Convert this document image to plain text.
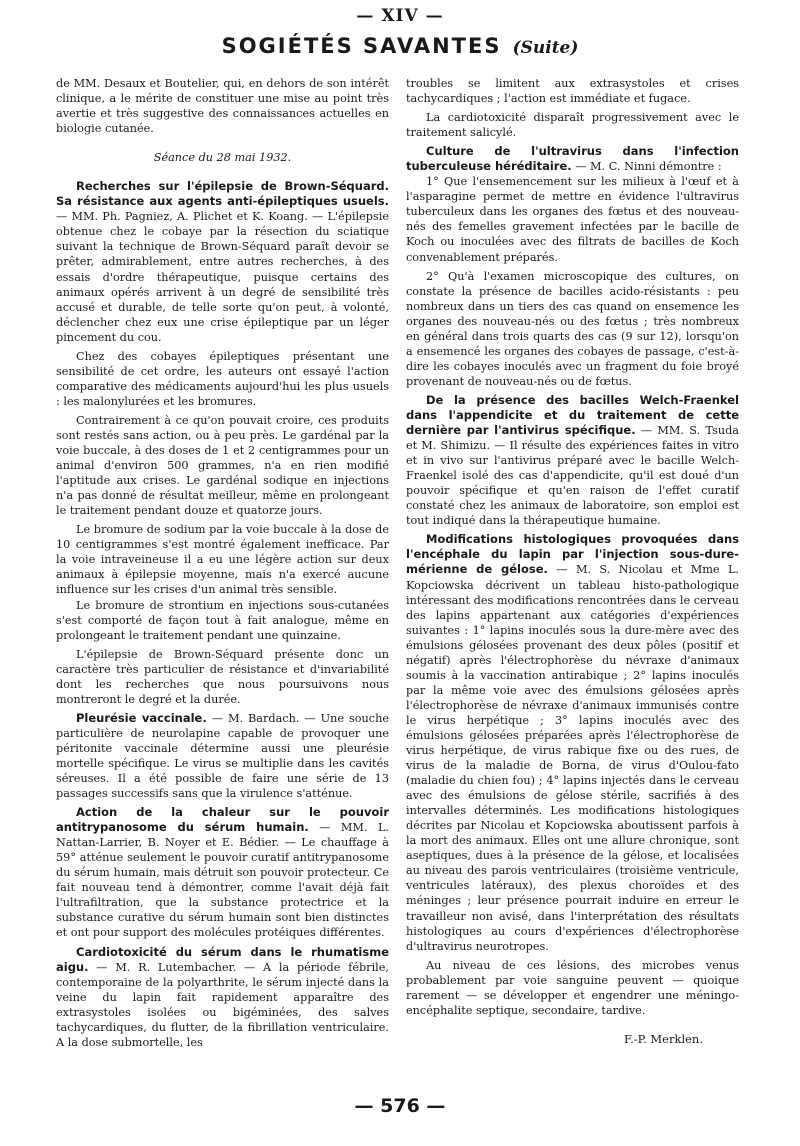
— XIV —
SOGIÉTÉS SAVANTES (Suite)

de MM. Desaux et Boutelier, qui, en dehors de son intérêt clinique, a le mérite de constituer une mise au point très avertie et très suggestive des connaissances actuelles en biologie cutanée.

Séance du 28 mai 1932.

Recherches sur l'épilepsie de Brown-Séquard. Sa résistance aux agents anti-épileptiques usuels. — MM. Ph. Pagniez, A. Plichet et K. Koang. — L'épilepsie obtenue chez le cobaye par la résection du sciatique suivant la technique de Brown-Séquard paraît devoir se prêter, admirablement, entre autres recherches, à des essais d'ordre thérapeutique, puisque certains des animaux opérés arrivent à un degré de sensibilité très accusé et durable, de telle sorte qu'on peut, à volonté, déclencher chez eux une crise épileptique par un léger pincement du cou.

Chez des cobayes épileptiques présentant une sensibilité de cet ordre, les auteurs ont essayé l'action comparative des médicaments aujourd'hui les plus usuels : les malonylurées et les bromures.

Contrairement à ce qu'on pouvait croire, ces produits sont restés sans action, ou à peu près. Le gardénal par la voie buccale, à des doses de 1 et 2 centigrammes pour un animal d'environ 500 grammes, n'a en rien modifié l'aptitude aux crises. Le gardénal sodique en injections n'a pas donné de résultat meilleur, même en prolongeant le traitement pendant douze et quatorze jours.

Le bromure de sodium par la voie buccale à la dose de 10 centigrammes s'est montré également inefficace. Par la voie intraveineuse il a eu une légère action sur deux animaux à épilepsie moyenne, mais n'a exercé aucune influence sur les crises d'un animal très sensible.

Le bromure de strontium en injections sous-cutanées s'est comporté de façon tout à fait analogue, même en prolongeant le traitement pendant une quinzaine.

L'épilepsie de Brown-Séquard présente donc un caractère très particulier de résistance et d'invariabilité dont les recherches que nous poursuivons nous montreront le degré et la durée.

Pleurésie vaccinale. — M. Bardach. — Une souche particulière de neurolapine capable de provoquer une péritonite vaccinale détermine aussi une pleurésie mortelle spécifique. Le virus se multiplie dans les cavités séreuses. Il a été possible de faire une série de 13 passages successifs sans que la virulence s'atténue.

Action de la chaleur sur le pouvoir antitrypanosome du sérum humain. — MM. L. Nattan-Larrier, B. Noyer et E. Bédier. — Le chauffage à 59° atténue seulement le pouvoir curatif antitrypanosome du sérum humain, mais détruit son pouvoir protecteur. Ce fait nouveau tend à démontrer, comme l'avait déjà fait l'ultrafiltration, que la substance protectrice et la substance curative du sérum humain sont bien distinctes et ont pour support des molécules protéiques différentes.

Cardiotoxicité du sérum dans le rhumatisme aigu. — M. R. Lutembacher. — A la période fébrile, contemporaine de la polyarthrite, le sérum injecté dans la veine du lapin fait rapidement apparaître des extrasystoles isolées ou bigéminées, des salves tachycardiques, du flutter, de la fibrillation ventriculaire. A la dose submortelle, les

troubles se limitent aux extrasystoles et crises tachycardiques ; l'action est immédiate et fugace.

La cardiotoxicité disparaît progressivement avec le traitement salicylé.

Culture de l'ultravirus dans l'infection tuberculeuse héréditaire. — M. C. Ninni démontre :

1° Que l'ensemencement sur les milieux à l'œuf et à l'asparagine permet de mettre en évidence l'ultravirus tuberculeux dans les organes des fœtus et des nouveau-nés des femelles gravement infectées par le bacille de Koch ou inoculées avec des filtrats de bacilles de Koch convenablement préparés.

2° Qu'à l'examen microscopique des cultures, on constate la présence de bacilles acido-résistants : peu nombreux dans un tiers des cas quand on ensemence les organes des nouveau-nés ou des fœtus ; très nombreux en général dans trois quarts des cas (9 sur 12), lorsqu'on a ensemencé les organes des cobayes de passage, c'est-à-dire les cobayes inoculés avec un fragment du foie broyé provenant de nouveau-nés ou de fœtus.

De la présence des bacilles Welch-Fraenkel dans l'appendicite et du traitement de cette dernière par l'antivirus spécifique. — MM. S. Tsuda et M. Shimizu. — Il résulte des expériences faites in vitro et in vivo sur l'antivirus préparé avec le bacille Welch-Fraenkel isolé des cas d'appendicite, qu'il est doué d'un pouvoir spécifique et qu'en raison de l'effet curatif constaté chez les animaux de laboratoire, son emploi est tout indiqué dans la thérapeutique humaine.

Modifications histologiques provoquées dans l'encéphale du lapin par l'injection sous-dure-mérienne de gélose. — M. S. Nicolau et Mme L. Kopciowska décrivent un tableau histo-pathologique intéressant des modifications rencontrées dans le cerveau des lapins appartenant aux catégories d'expériences suivantes : 1° lapins inoculés sous la dure-mère avec des émulsions gélosées provenant des deux pôles (positif et négatif) après l'électrophorèse du névraxe d'animaux soumis à la vaccination antirabique ; 2° lapins inoculés par la même voie avec des émulsions gélosées après l'électrophorèse de névraxe d'animaux immunisés contre le virus herpétique ; 3° lapins inoculés avec des émulsions gélosées préparées après l'électrophorèse de virus herpétique, de virus rabique fixe ou des rues, de virus de la maladie de Borna, de virus d'Oulou-fato (maladie du chien fou) ; 4° lapins injectés dans le cerveau avec des émulsions de gélose stérile, sacrifiés à des intervalles déterminés. Les modifications histologiques décrites par Nicolau et Kopciowska aboutissent parfois à la mort des animaux. Elles ont une allure chronique, sont aseptiques, dues à la présence de la gélose, et localisées au niveau des parois ventriculaires (troisième ventricule, ventricules latéraux), des plexus choroïdes et des méninges ; leur présence pourrait induire en erreur le travailleur non avisé, dans l'interprétation des résultats histologiques au cours d'expériences d'électrophorèse d'ultravirus neurotropes.

Au niveau de ces lésions, des microbes venus probablement par voie sanguine peuvent — quoique rarement — se développer et engendrer une méningo-encéphalite septique, secondaire, tardive.

F.-P. Merklen.

— 576 —
